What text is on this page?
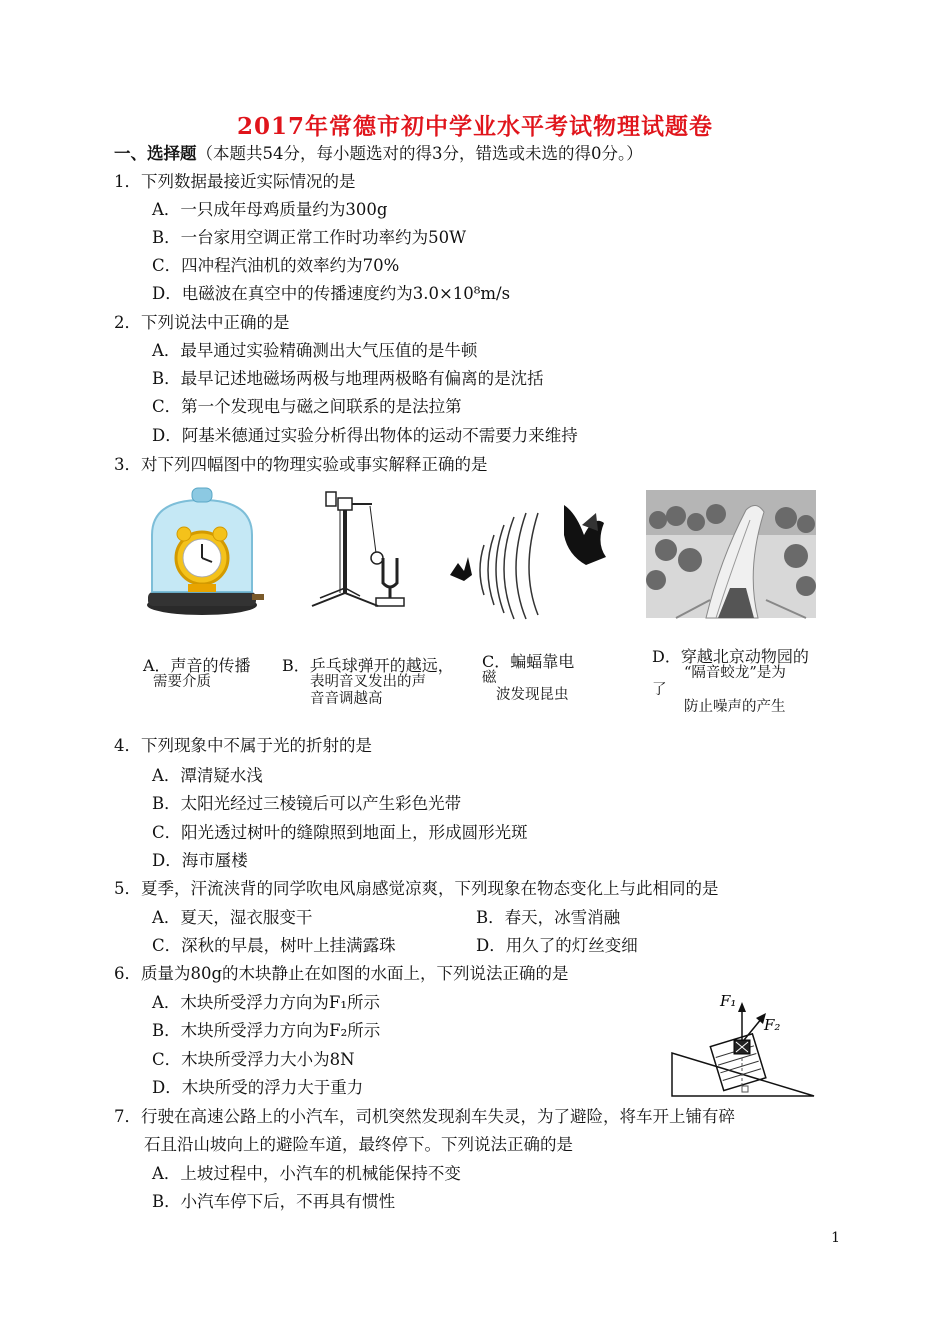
2017年常德市初中学业水平考试物理试题卷
一、选择题（本题共54分，每小题选对的得3分，错选或未选的得0分。）
1．下列数据最接近实际情况的是
A．一只成年母鸡质量约为300g
B．一台家用空调正常工作时功率约为50W
C．四冲程汽油机的效率约为70%
D．电磁波在真空中的传播速度约为3.0×10⁸m/s
2．下列说法中正确的是
A．最早通过实验精确测出大气压值的是牛顿
B．最早记述地磁场两极与地理两极略有偏离的是沈括
C．第一个发现电与磁之间联系的是法拉第
D．阿基米德通过实验分析得出物体的运动不需要力来维持
3．对下列四幅图中的物理实验或事实解释正确的是
A．声音的传播
需要介质
B．乒乓球弹开的越远，
表明音叉发出的声
音音调越高
C．蝙蝠靠电
磁
波发现昆虫
D．穿越北京动物园的
“隔音蛟龙”是为
了
防止噪声的产生
4．下列现象中不属于光的折射的是
A．潭清疑水浅
B．太阳光经过三棱镜后可以产生彩色光带
C．阳光透过树叶的缝隙照到地面上，形成圆形光斑
D．海市蜃楼
5．夏季，汗流浃背的同学吹电风扇感觉凉爽，下列现象在物态变化上与此相同的是
A．夏天，湿衣服变干	B．春天，冰雪消融
C．深秋的早晨，树叶上挂满露珠	D．用久了的灯丝变细
6．质量为80g的木块静止在如图的水面上，下列说法正确的是
A．木块所受浮力方向为F₁所示
B．木块所受浮力方向为F₂所示
C．木块所受浮力大小为8N
D．木块所受的浮力大于重力
F₁
F₂
7．行驶在高速公路上的小汽车，司机突然发现刹车失灵，为了避险，将车开上铺有碎
石且沿山坡向上的避险车道，最终停下。下列说法正确的是
A．上坡过程中，小汽车的机械能保持不变
B．小汽车停下后，不再具有惯性
1
